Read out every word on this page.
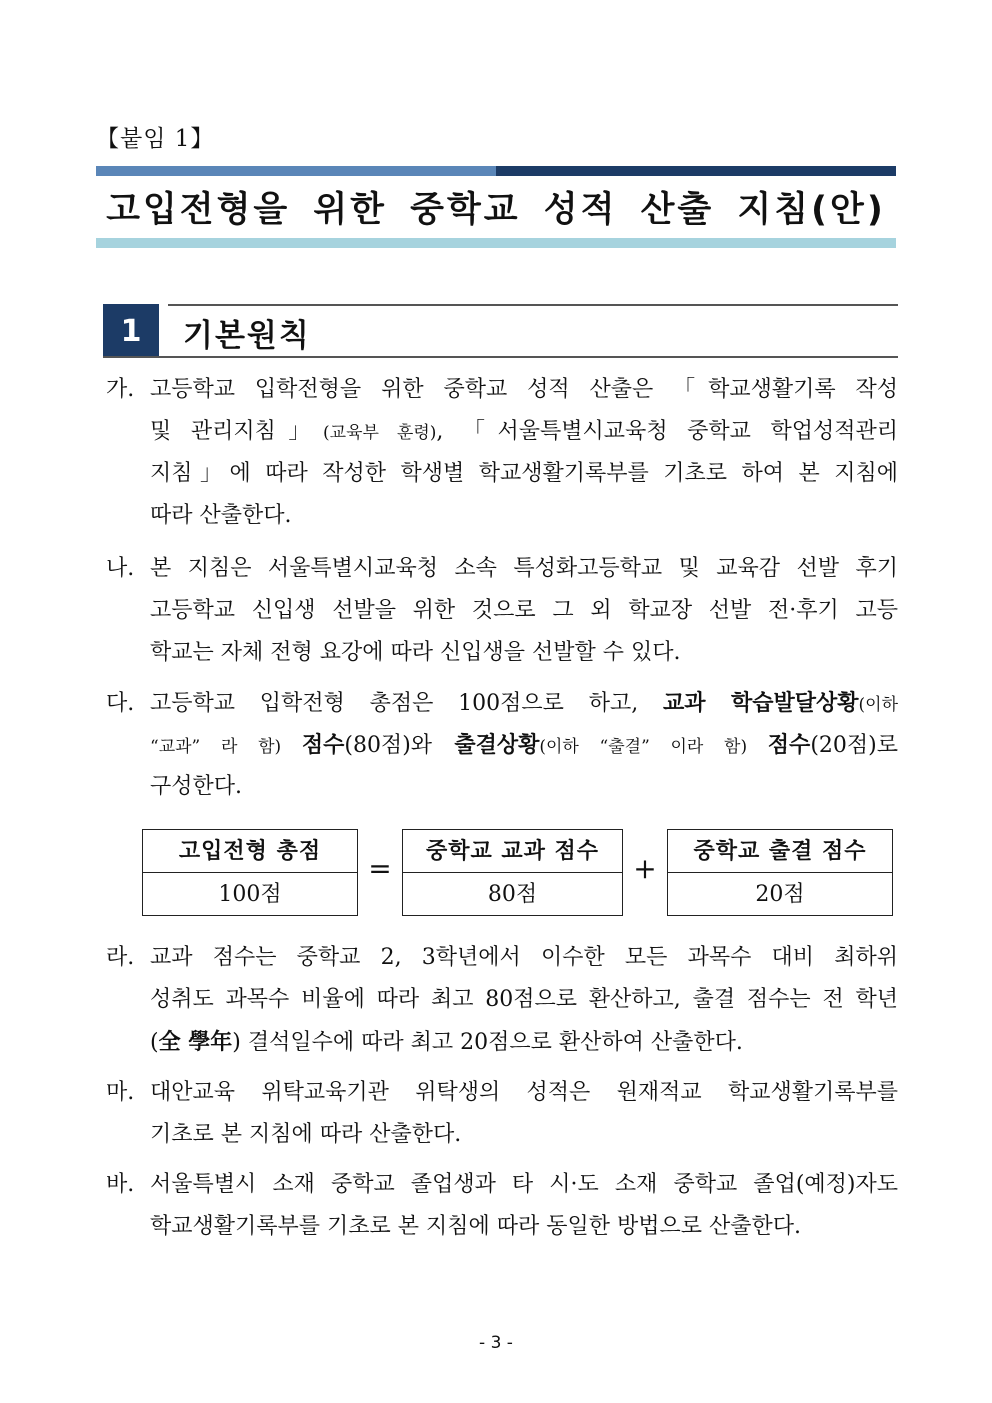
【붙임 1】
고입전형을 위한 중학교 성적 산출 지침(안)
1	기본원칙
가. 고등학교 입학전형을 위한 중학교 성적 산출은 「학교생활기록 작성
및 관리지침」(교육부 훈령), 「서울특별시교육청 중학교 학업성적관리
지침」에 따라 작성한 학생별 학교생활기록부를 기초로 하여 본 지침에
따라 산출한다.
나. 본 지침은 서울특별시교육청 소속 특성화고등학교 및 교육감 선발 후기
고등학교 신입생 선발을 위한 것으로 그 외 학교장 선발 전·후기 고등
학교는 자체 전형 요강에 따라 신입생을 선발할 수 있다.
다. 고등학교 입학전형 총점은 100점으로 하고, 교과 학습발달상황(이하
“교과” 라 함) 점수(80점)와 출결상황(이하 “출결” 이라 함) 점수(20점)로
구성한다.
고입전형 총점
100점
=
중학교 교과 점수
80점
+
중학교 출결 점수
20점
라. 교과 점수는 중학교 2, 3학년에서 이수한 모든 과목수 대비 최하위
성취도 과목수 비율에 따라 최고 80점으로 환산하고, 출결 점수는 전 학년
(全 學年) 결석일수에 따라 최고 20점으로 환산하여 산출한다.
마. 대안교육 위탁교육기관 위탁생의 성적은 원재적교 학교생활기록부를
기초로 본 지침에 따라 산출한다.
바. 서울특별시 소재 중학교 졸업생과 타 시·도 소재 중학교 졸업(예정)자도
학교생활기록부를 기초로 본 지침에 따라 동일한 방법으로 산출한다.
- 3 -
